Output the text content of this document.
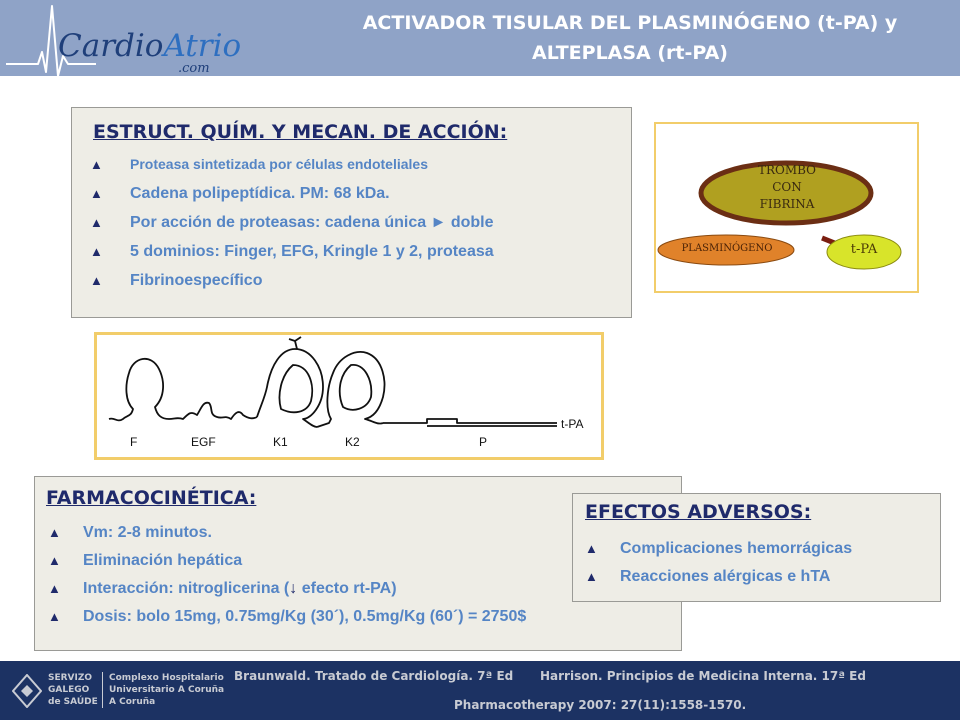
CardioAtrio
.com
ACTIVADOR TISULAR DEL PLASMINÓGENO (t-PA) y
ALTEPLASA (rt-PA)
ESTRUCT. QUÍM. Y MECAN. DE ACCIÓN:
▲ Proteasa sintetizada por células endoteliales
▲ Cadena polipeptídica. PM: 68 kDa.
▲ Por acción de proteasas: cadena única ► doble
▲ 5 dominios: Finger, EFG, Kringle 1 y 2, proteasa
▲ Fibrinoespecífico
TROMBO
CON
FIBRINA
PLASMINÓGENO	t-PA
F	EGF	K1	K2	P
t-PA
FARMACOCINÉTICA:
▲ Vm: 2-8 minutos.
▲ Eliminación hepática
▲ Interacción: nitroglicerina (↓ efecto rt-PA)
▲ Dosis: bolo 15mg, 0.75mg/Kg (30´), 0.5mg/Kg (60´) = 2750$
EFECTOS ADVERSOS:
▲ Complicaciones hemorrágicas
▲ Reacciones alérgicas e hTA
SERVIZO
GALEGO
de SAÚDE
Complexo Hospitalario
Universitario A Coruña
A Coruña
Braunwald. Tratado de Cardiología. 7ª Ed Harrison. Principios de Medicina Interna. 17ª Ed
Pharmacotherapy 2007: 27(11):1558-1570.
